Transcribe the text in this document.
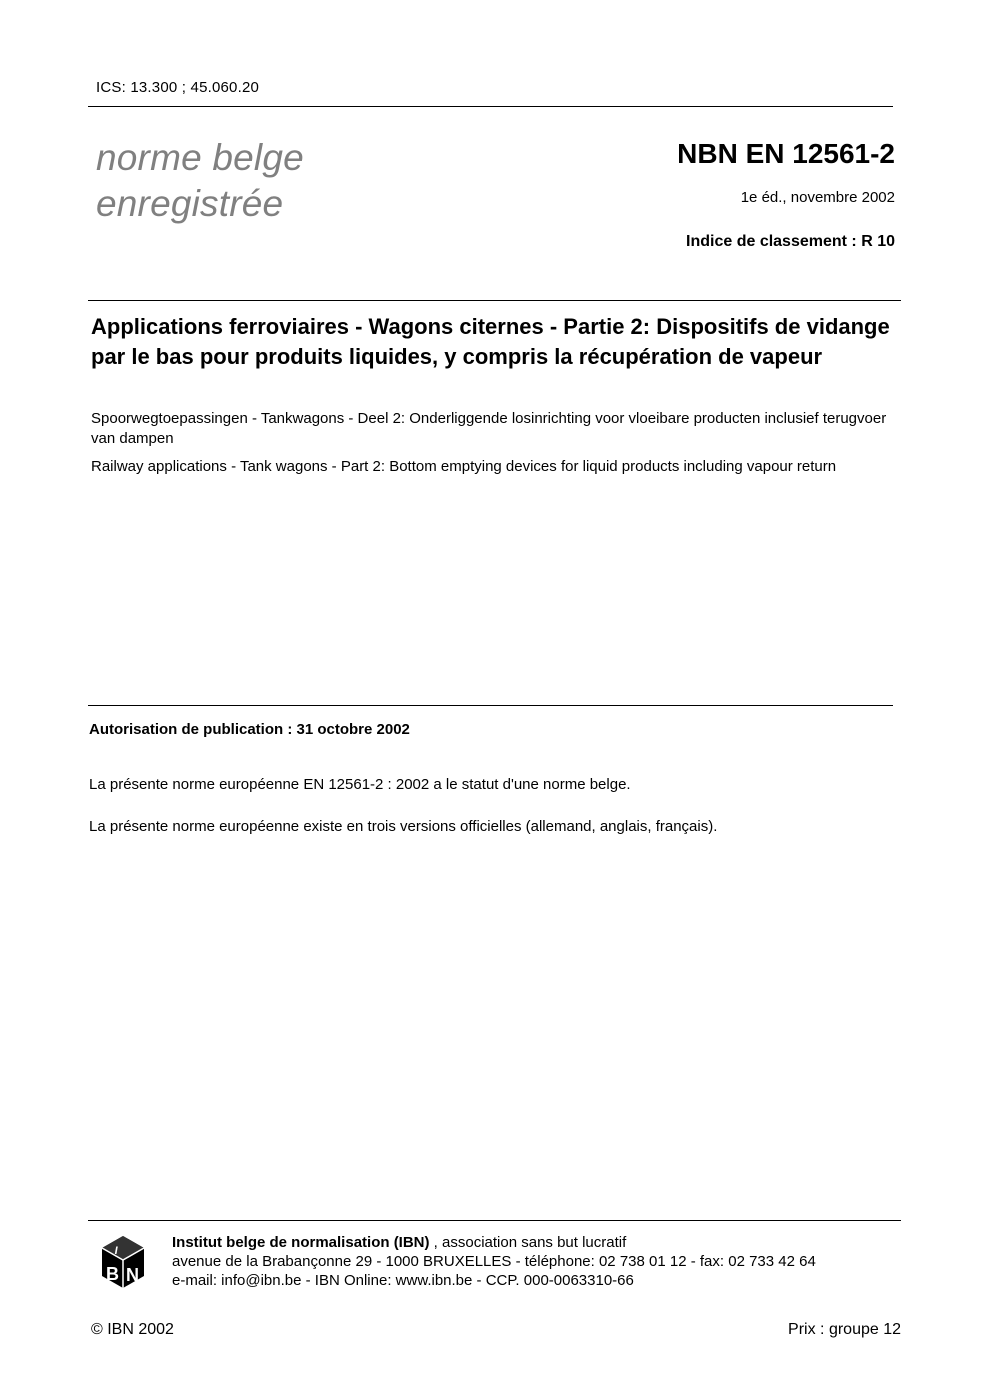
ICS: 13.300 ; 45.060.20
norme belge
enregistrée
NBN EN 12561-2
1e éd., novembre 2002
Indice de classement : R 10
Applications ferroviaires - Wagons citernes - Partie 2: Dispositifs de vidange par le bas pour produits liquides, y compris la récupération de vapeur
Spoorwegtoepassingen - Tankwagons - Deel 2: Onderliggende losinrichting voor vloeibare producten inclusief terugvoer van dampen
Railway applications - Tank wagons - Part 2: Bottom emptying devices for liquid products including vapour return
Autorisation de publication : 31 octobre 2002
La présente norme européenne EN 12561-2 : 2002 a le statut d'une norme belge.
La présente norme européenne existe en trois versions officielles (allemand, anglais, français).
I
B N
Institut belge de normalisation (IBN) , association sans but lucratif
avenue de la Brabançonne 29 - 1000 BRUXELLES - téléphone: 02 738 01 12 - fax: 02 733 42 64
e-mail: info@ibn.be - IBN Online: www.ibn.be - CCP. 000-0063310-66
© IBN 2002	Prix : groupe 12
